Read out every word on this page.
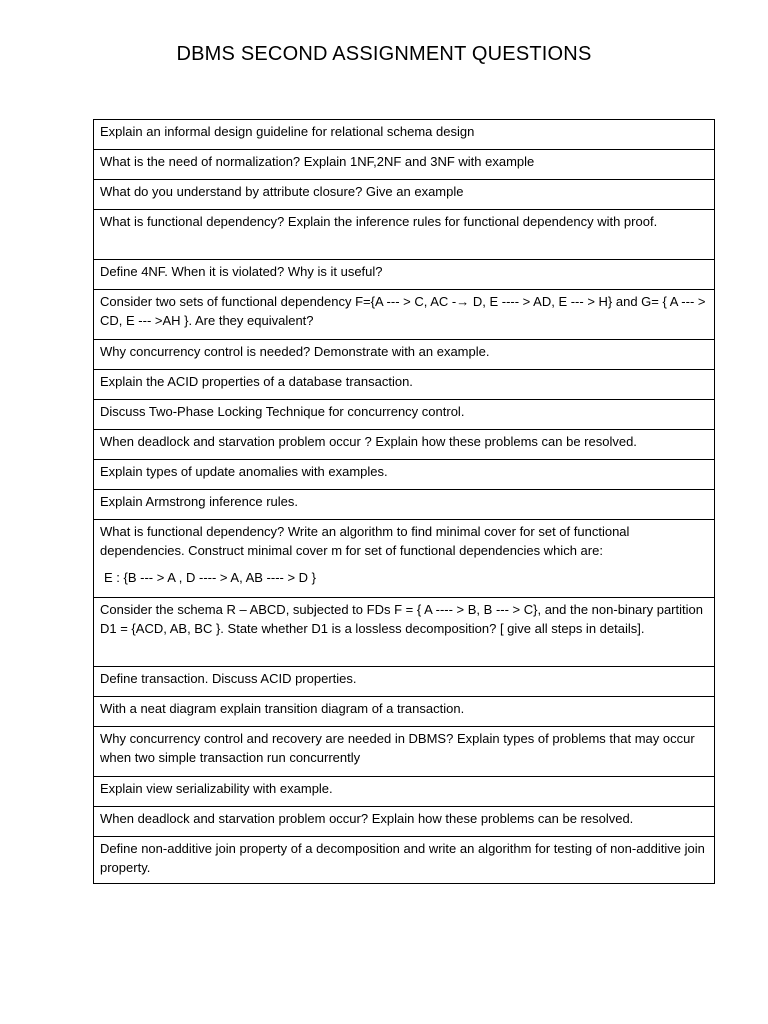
DBMS SECOND ASSIGNMENT QUESTIONS
Explain an informal design guideline for relational schema design
What is the need of normalization? Explain 1NF,2NF and 3NF with example
What do you understand by attribute closure? Give an example
What is functional dependency? Explain the inference rules for functional dependency with proof.
Define 4NF. When it is violated? Why is it useful?
Consider two sets of functional dependency F={A --- > C, AC -→ D, E ---- > AD, E --- > H} and G= { A --- > CD, E --- >AH }. Are they equivalent?
Why concurrency control is needed? Demonstrate with an example.
Explain the ACID properties of a database transaction.
Discuss Two-Phase Locking Technique for concurrency control.
When deadlock and starvation problem occur ? Explain how these problems can be resolved.
Explain types of update anomalies with examples.
Explain Armstrong inference rules.
What is functional dependency? Write an algorithm to find minimal cover for set of functional dependencies. Construct minimal cover m for set of functional dependencies which are:
E : {B --- > A , D ---- > A, AB ---- > D }

Consider the schema R – ABCD, subjected to FDs F = { A ---- > B, B --- > C}, and the non-binary partition D1 = {ACD, AB, BC }. State whether D1 is a lossless decomposition? [ give all steps in details].
Define transaction. Discuss ACID properties.
With a neat diagram explain transition diagram of a transaction.
Why concurrency control and recovery are needed in DBMS? Explain types of problems that may occur when two simple transaction run concurrently
Explain view serializability with example.
When deadlock and starvation problem occur? Explain how these problems can be resolved.
Define non-additive join property of a decomposition and write an algorithm for testing of non-additive join property.
